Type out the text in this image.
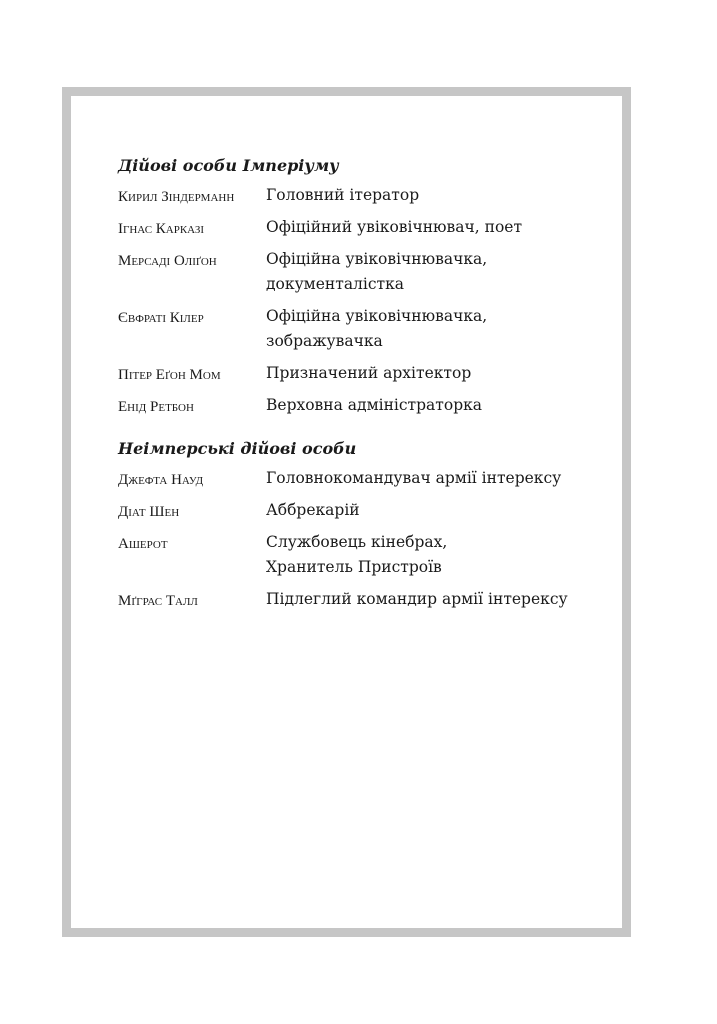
Дійові особи Імперіуму
Кирил Зіндерманн	Головний ітератор
Ігнас Карказі	Офіційний увіковічнювач, поет
Мерсаді Оліґон	Офіційна увіковічнювачка,
документалістка
Євфраті Кілер	Офіційна увіковічнювачка,
зображувачка
Пітер Еґон Мом	Призначений архітектор
Енід Ретбон	Верховна адміністраторка
Неімперські дійові особи
Джефта Науд	Головнокомандувач армії інтерексу
Діат Шен	Аббрекарій
Ашерот	Службовець кінебрах,
Хранитель Пристроїв
Мґграс Талл	Підлеглий командир армії інтерексу
